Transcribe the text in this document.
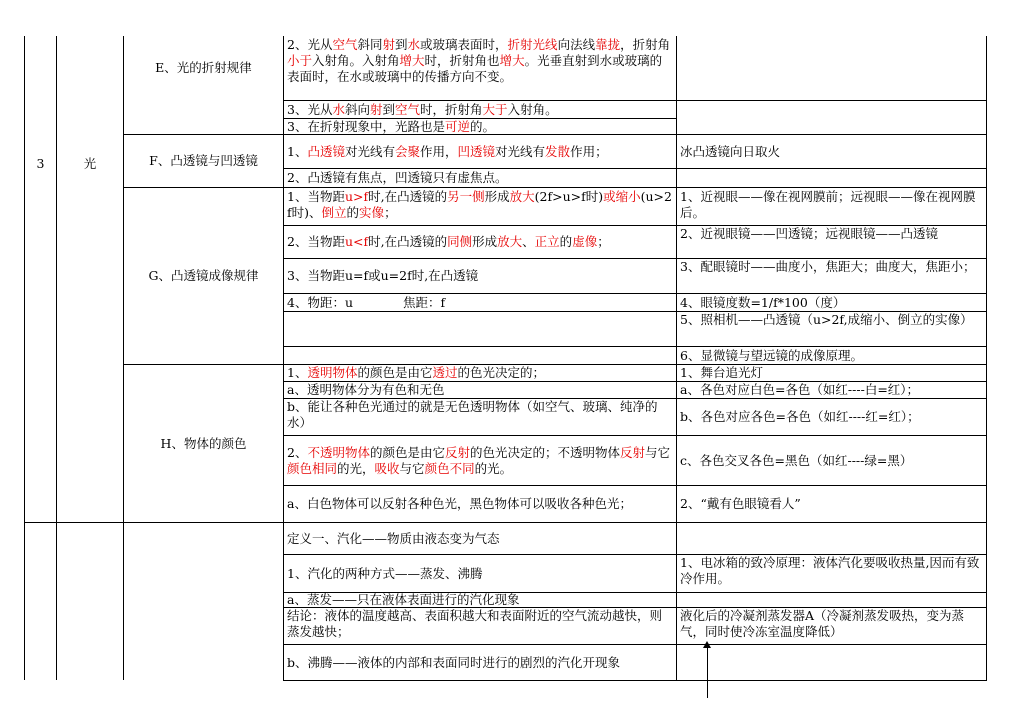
3	光
E、光的折射规律
F、凸透镜与凹透镜
G、凸透镜成像规律
H、物体的颜色
2、光从空气斜同射到水或玻璃表面时，折射光线向法线靠拢，折射角小于入射角。入射角增大时，折射角也增大。光垂直射到水或玻璃的表面时，在水或玻璃中的传播方向不变。
3、光从水斜向射到空气时，折射角大于入射角。
3、在折射现象中，光路也是可逆的。
1、凸透镜对光线有会聚作用，凹透镜对光线有发散作用；
2、凸透镜有焦点，凹透镜只有虚焦点。
冰凸透镜向日取火
1、当物距u>f时,在凸透镜的另一侧形成放大(2f>u>f时)或缩小(u>2f时)、倒立的实像；
2、当物距u<f时,在凸透镜的同侧形成放大、正立的虚像；
3、当物距u=f或u=2f时,在凸透镜
4、物距：u　　　　焦距：f
1、近视眼——像在视网膜前；远视眼——像在视网膜后。
2、近视眼镜——凹透镜；远视眼镜——凸透镜
3、配眼镜时——曲度小，焦距大；曲度大，焦距小；
4、眼镜度数=1/f*100（度）
5、照相机——凸透镜（u>2f,成缩小、倒立的实像）
6、显微镜与望远镜的成像原理。
1、透明物体的颜色是由它透过的色光决定的；
a、透明物体分为有色和无色
b、能让各种色光通过的就是无色透明物体（如空气、玻璃、纯净的水）
2、不透明物体的颜色是由它反射的色光决定的；不透明物体反射与它颜色相同的光，吸收与它颜色不同的光。
a、白色物体可以反射各种色光，黑色物体可以吸收各种色光；
1、舞台追光灯
a、各色对应白色=各色（如红----白=红）；
b、各色对应各色=各色（如红----红=红）；
c、各色交叉各色=黑色（如红----绿=黑）
2、“戴有色眼镜看人”
定义一、汽化——物质由液态变为气态
1、汽化的两种方式——蒸发、沸腾
a、蒸发——只在液体表面进行的汽化现象
结论：液体的温度越高、表面积越大和表面附近的空气流动越快，则蒸发越快；
b、沸腾——液体的内部和表面同时进行的剧烈的汽化开现象
1、电冰箱的致冷原理：液体汽化要吸收热量,因而有致冷作用。
液化后的冷凝剂蒸发器A（冷凝剂蒸发吸热，变为蒸气，同时使冷冻室温度降低）
